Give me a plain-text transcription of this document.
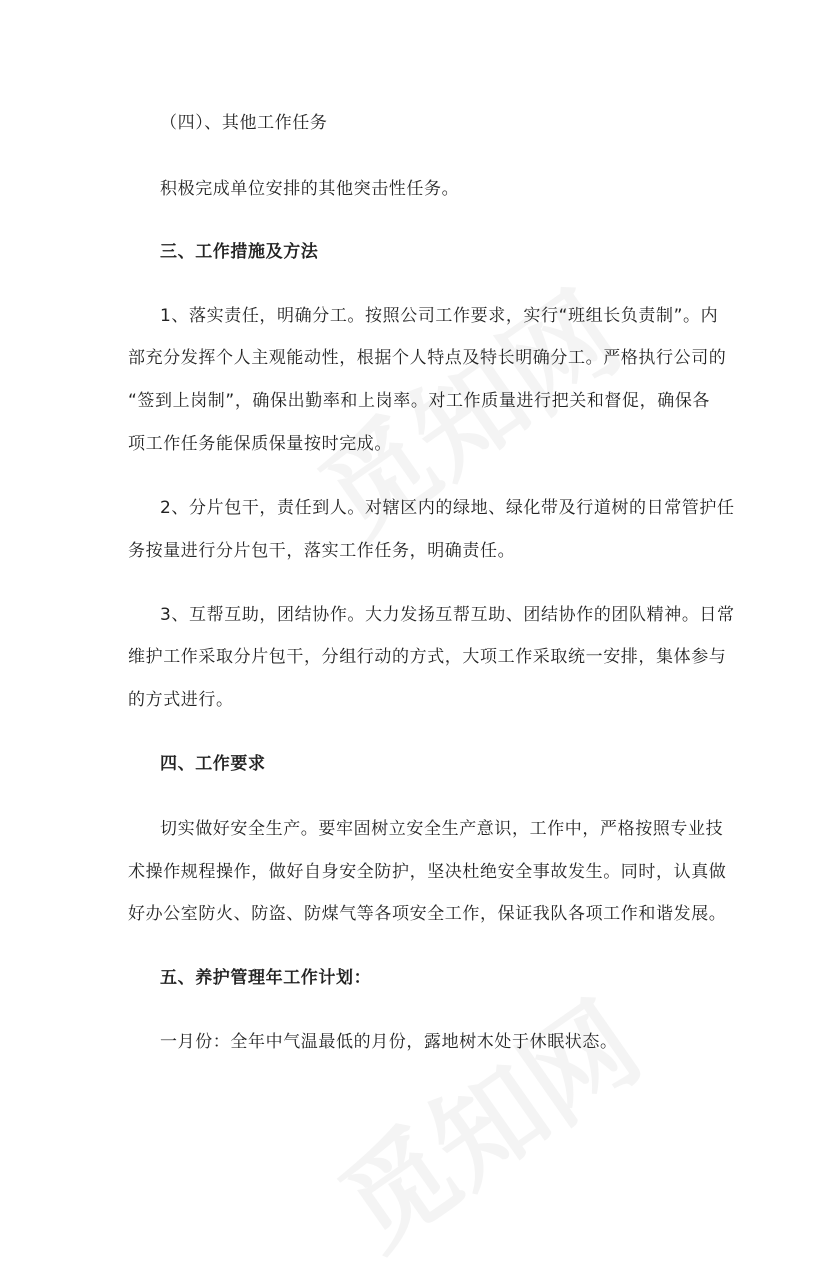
（四）、其他工作任务
积极完成单位安排的其他突击性任务。
三、工作措施及方法
1、落实责任，明确分工。按照公司工作要求，实行“班组长负责制”。内
部充分发挥个人主观能动性，根据个人特点及特长明确分工。严格执行公司的
“签到上岗制”，确保出勤率和上岗率。对工作质量进行把关和督促，确保各
项工作任务能保质保量按时完成。
2、分片包干，责任到人。对辖区内的绿地、绿化带及行道树的日常管护任
务按量进行分片包干，落实工作任务，明确责任。
3、互帮互助，团结协作。大力发扬互帮互助、团结协作的团队精神。日常
维护工作采取分片包干，分组行动的方式，大项工作采取统一安排，集体参与
的方式进行。
四、工作要求
切实做好安全生产。要牢固树立安全生产意识，工作中，严格按照专业技
术操作规程操作，做好自身安全防护，坚决杜绝安全事故发生。同时，认真做
好办公室防火、防盗、防煤气等各项安全工作，保证我队各项工作和谐发展。
五、养护管理年工作计划：
一月份：全年中气温最低的月份，露地树木处于休眠状态。
